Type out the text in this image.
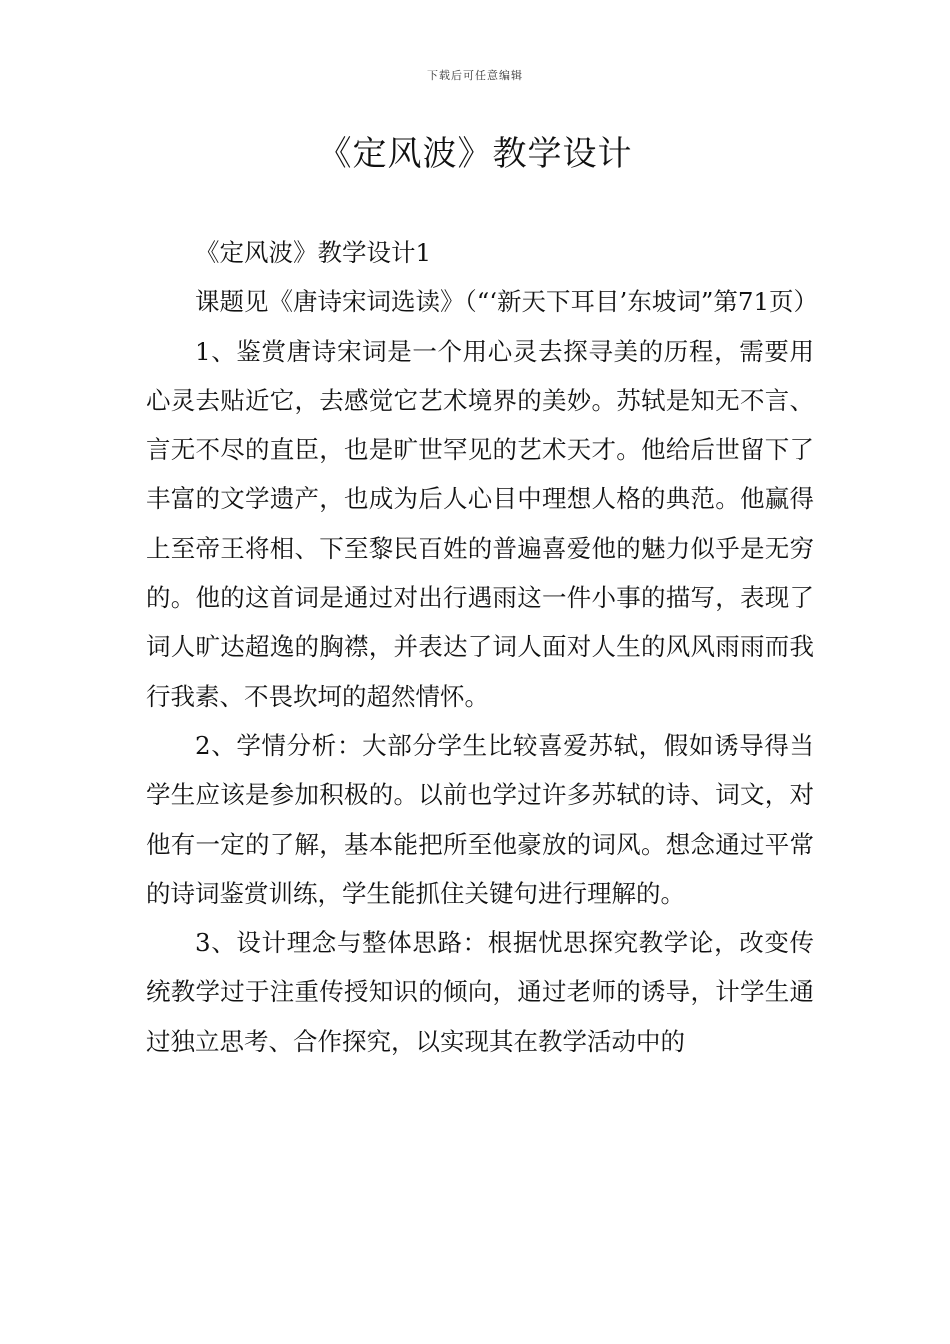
下载后可任意编辑
《定风波》教学设计

《定风波》教学设计1

课题见《唐诗宋词选读》（“‘新天下耳目’东坡词”第71页）

1、鉴赏唐诗宋词是一个用心灵去探寻美的历程，需要用心灵去贴近它，去感觉它艺术境界的美妙。苏轼是知无不言、言无不尽的直臣，也是旷世罕见的艺术天才。他给后世留下了丰富的文学遗产，也成为后人心目中理想人格的典范。他赢得上至帝王将相、下至黎民百姓的普遍喜爱他的魅力似乎是无穷的。他的这首词是通过对出行遇雨这一件小事的描写，表现了词人旷达超逸的胸襟，并表达了词人面对人生的风风雨雨而我行我素、不畏坎坷的超然情怀。

2、学情分析：大部分学生比较喜爱苏轼，假如诱导得当学生应该是参加积极的。以前也学过许多苏轼的诗、词文，对他有一定的了解，基本能把所至他豪放的词风。想念通过平常的诗词鉴赏训练，学生能抓住关键句进行理解的。

3、设计理念与整体思路：根据忧思探究教学论，改变传统教学过于注重传授知识的倾向，通过老师的诱导，计学生通过独立思考、合作探究，以实现其在教学活动中的
